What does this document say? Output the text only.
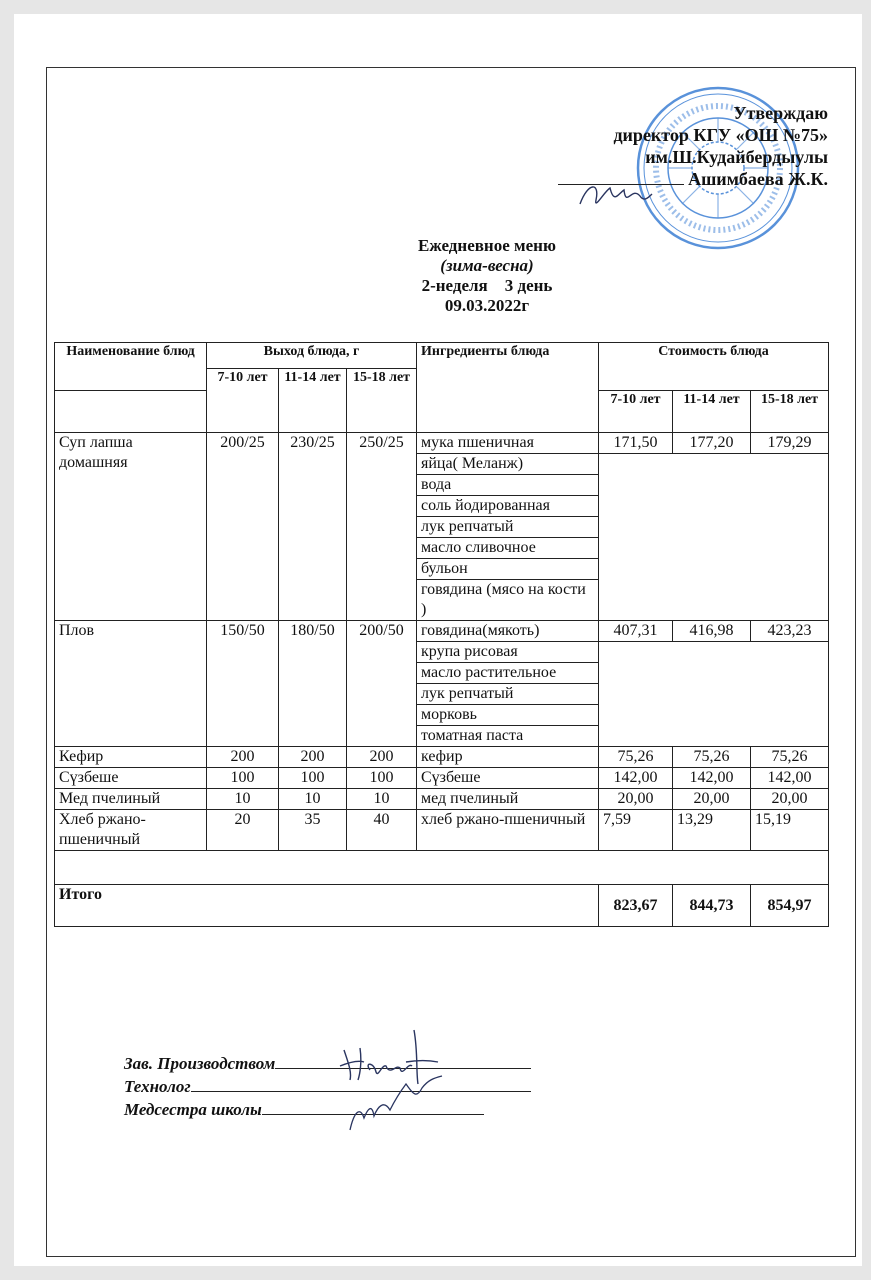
Утверждаю
директор КГУ «ОШ №75»
им.Ш.Кудайбердыулы
Ашимбаева Ж.К.
Ежедневное меню
(зима-весна)
2-неделя    3 день
09.03.2022г
Наименование блюд	Выход блюда, г			Ингредиенты блюда	Стоимость блюда		
	7-10 лет	11-14 лет	15-18 лет				
					7-10 лет	11-14 лет	15-18 лет
Суп лапша домашняя	200/25	230/25	250/25	мука пшеничная	171,50	177,20	179,29
				яйца( Меланж)			
				вода			
				соль йодированная			
				лук репчатый			
				масло сливочное			
				бульон			
				говядина (мясо на кости )			
Плов	150/50	180/50	200/50	говядина(мякоть)	407,31	416,98	423,23
				крупа рисовая			
				масло растительное			
				лук репчатый			
				морковь			
				томатная паста			
Кефир	200	200	200	кефир	75,26	75,26	75,26
Сүзбеше	100	100	100	Сүзбеше	142,00	142,00	142,00
Мед пчелиный	10	10	10	мед пчелиный	20,00	20,00	20,00
Хлеб ржано-пшеничный	20	35	40	хлеб ржано-пшеничный	7,59	13,29	15,19

Итого					823,67	844,73	854,97
Зав. Производством
Технолог
Медсестра школы
